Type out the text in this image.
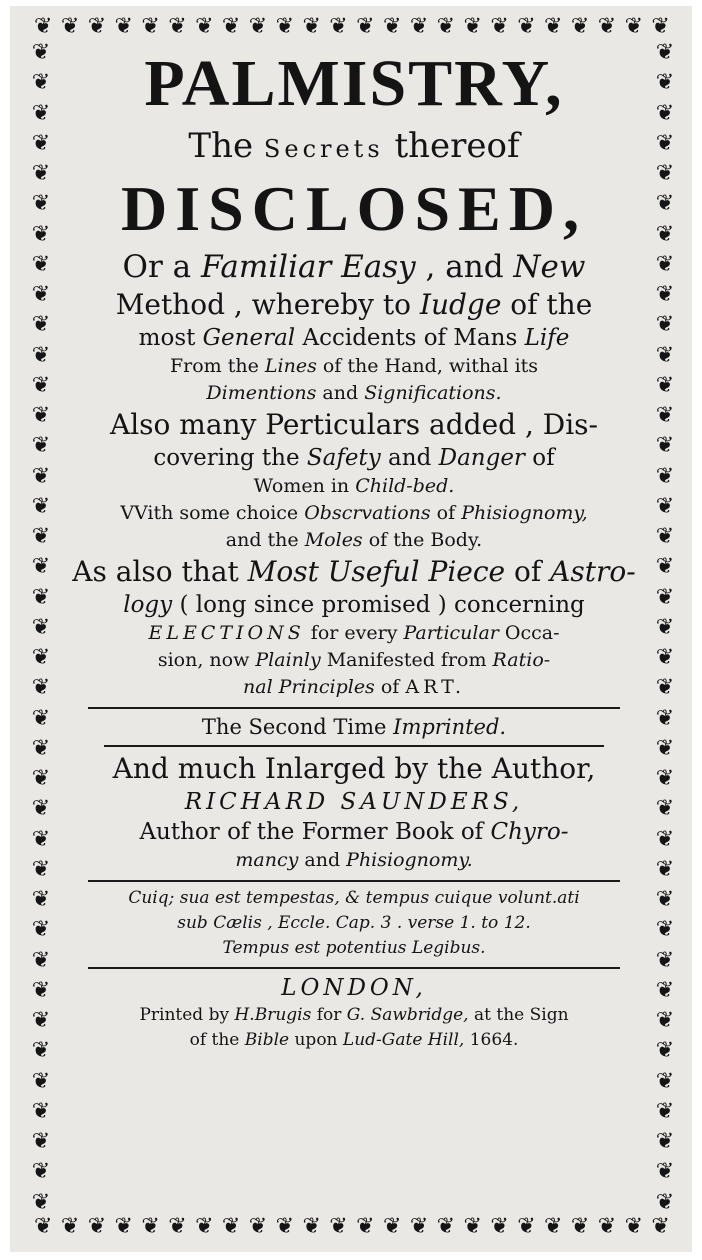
❦ ❦ ❦ ❦ ❦ ❦ ❦ ❦ ❦ ❦ ❦ ❦ ❦ ❦ ❦ ❦ ❦ ❦ ❦ ❦ ❦ ❦ ❦ ❦
❦ ❦ ❦ ❦ ❦ ❦ ❦ ❦ ❦ ❦ ❦ ❦ ❦ ❦ ❦ ❦ ❦ ❦ ❦ ❦ ❦ ❦ ❦ ❦
❦
❦
❦
❦
❦
❦
❦
❦
❦
❦
❦
❦
❦
❦
❦
❦
❦
❦
❦
❦
❦
❦
❦
❦
❦
❦
❦
❦
❦
❦
❦
❦
❦
❦
❦
❦
❦
❦
❦
❦
❦
❦
❦
❦
❦
❦
❦
❦
❦
❦
❦
❦
❦
❦
❦
❦
❦
❦
❦
❦
❦
❦
❦
❦
❦
❦
❦
❦
❦
❦
❦
❦
❦
❦
❦
❦
❦
❦
PALMISTRY,
The Secrets thereof
DISCLOSED,
Or a Familiar Easy , and New
Method , whereby to Iudge of the
most General Accidents of Mans Life
From the Lines of the Hand, withal its
Dimentions and Significations.
Also many Perticulars added , Dis-
covering the Safety and Danger of
Women in Child-bed.
VVith some choice Obscrvations of Phisiognomy,
and the Moles of the Body.
As also that Most Useful Piece of Astro-
logy ( long since promised ) concerning
ELECTIONS for every Particular Occa-
sion, now Plainly Manifested from Ratio-
nal Principles of ART.
The Second Time Imprinted.
And much Inlarged by the Author,
RICHARD SAUNDERS,
Author of the Former Book of Chyro-
mancy and Phisiognomy.
Cuiq; sua est tempestas, & tempus cuique volunt.ati
sub Cælis , Eccle. Cap. 3 . verse 1. to 12.
Tempus est potentius Legibus.
LONDON,
Printed by H.Brugis for G. Sawbridge, at the Sign
of the Bible upon Lud-Gate Hill, 1664.
